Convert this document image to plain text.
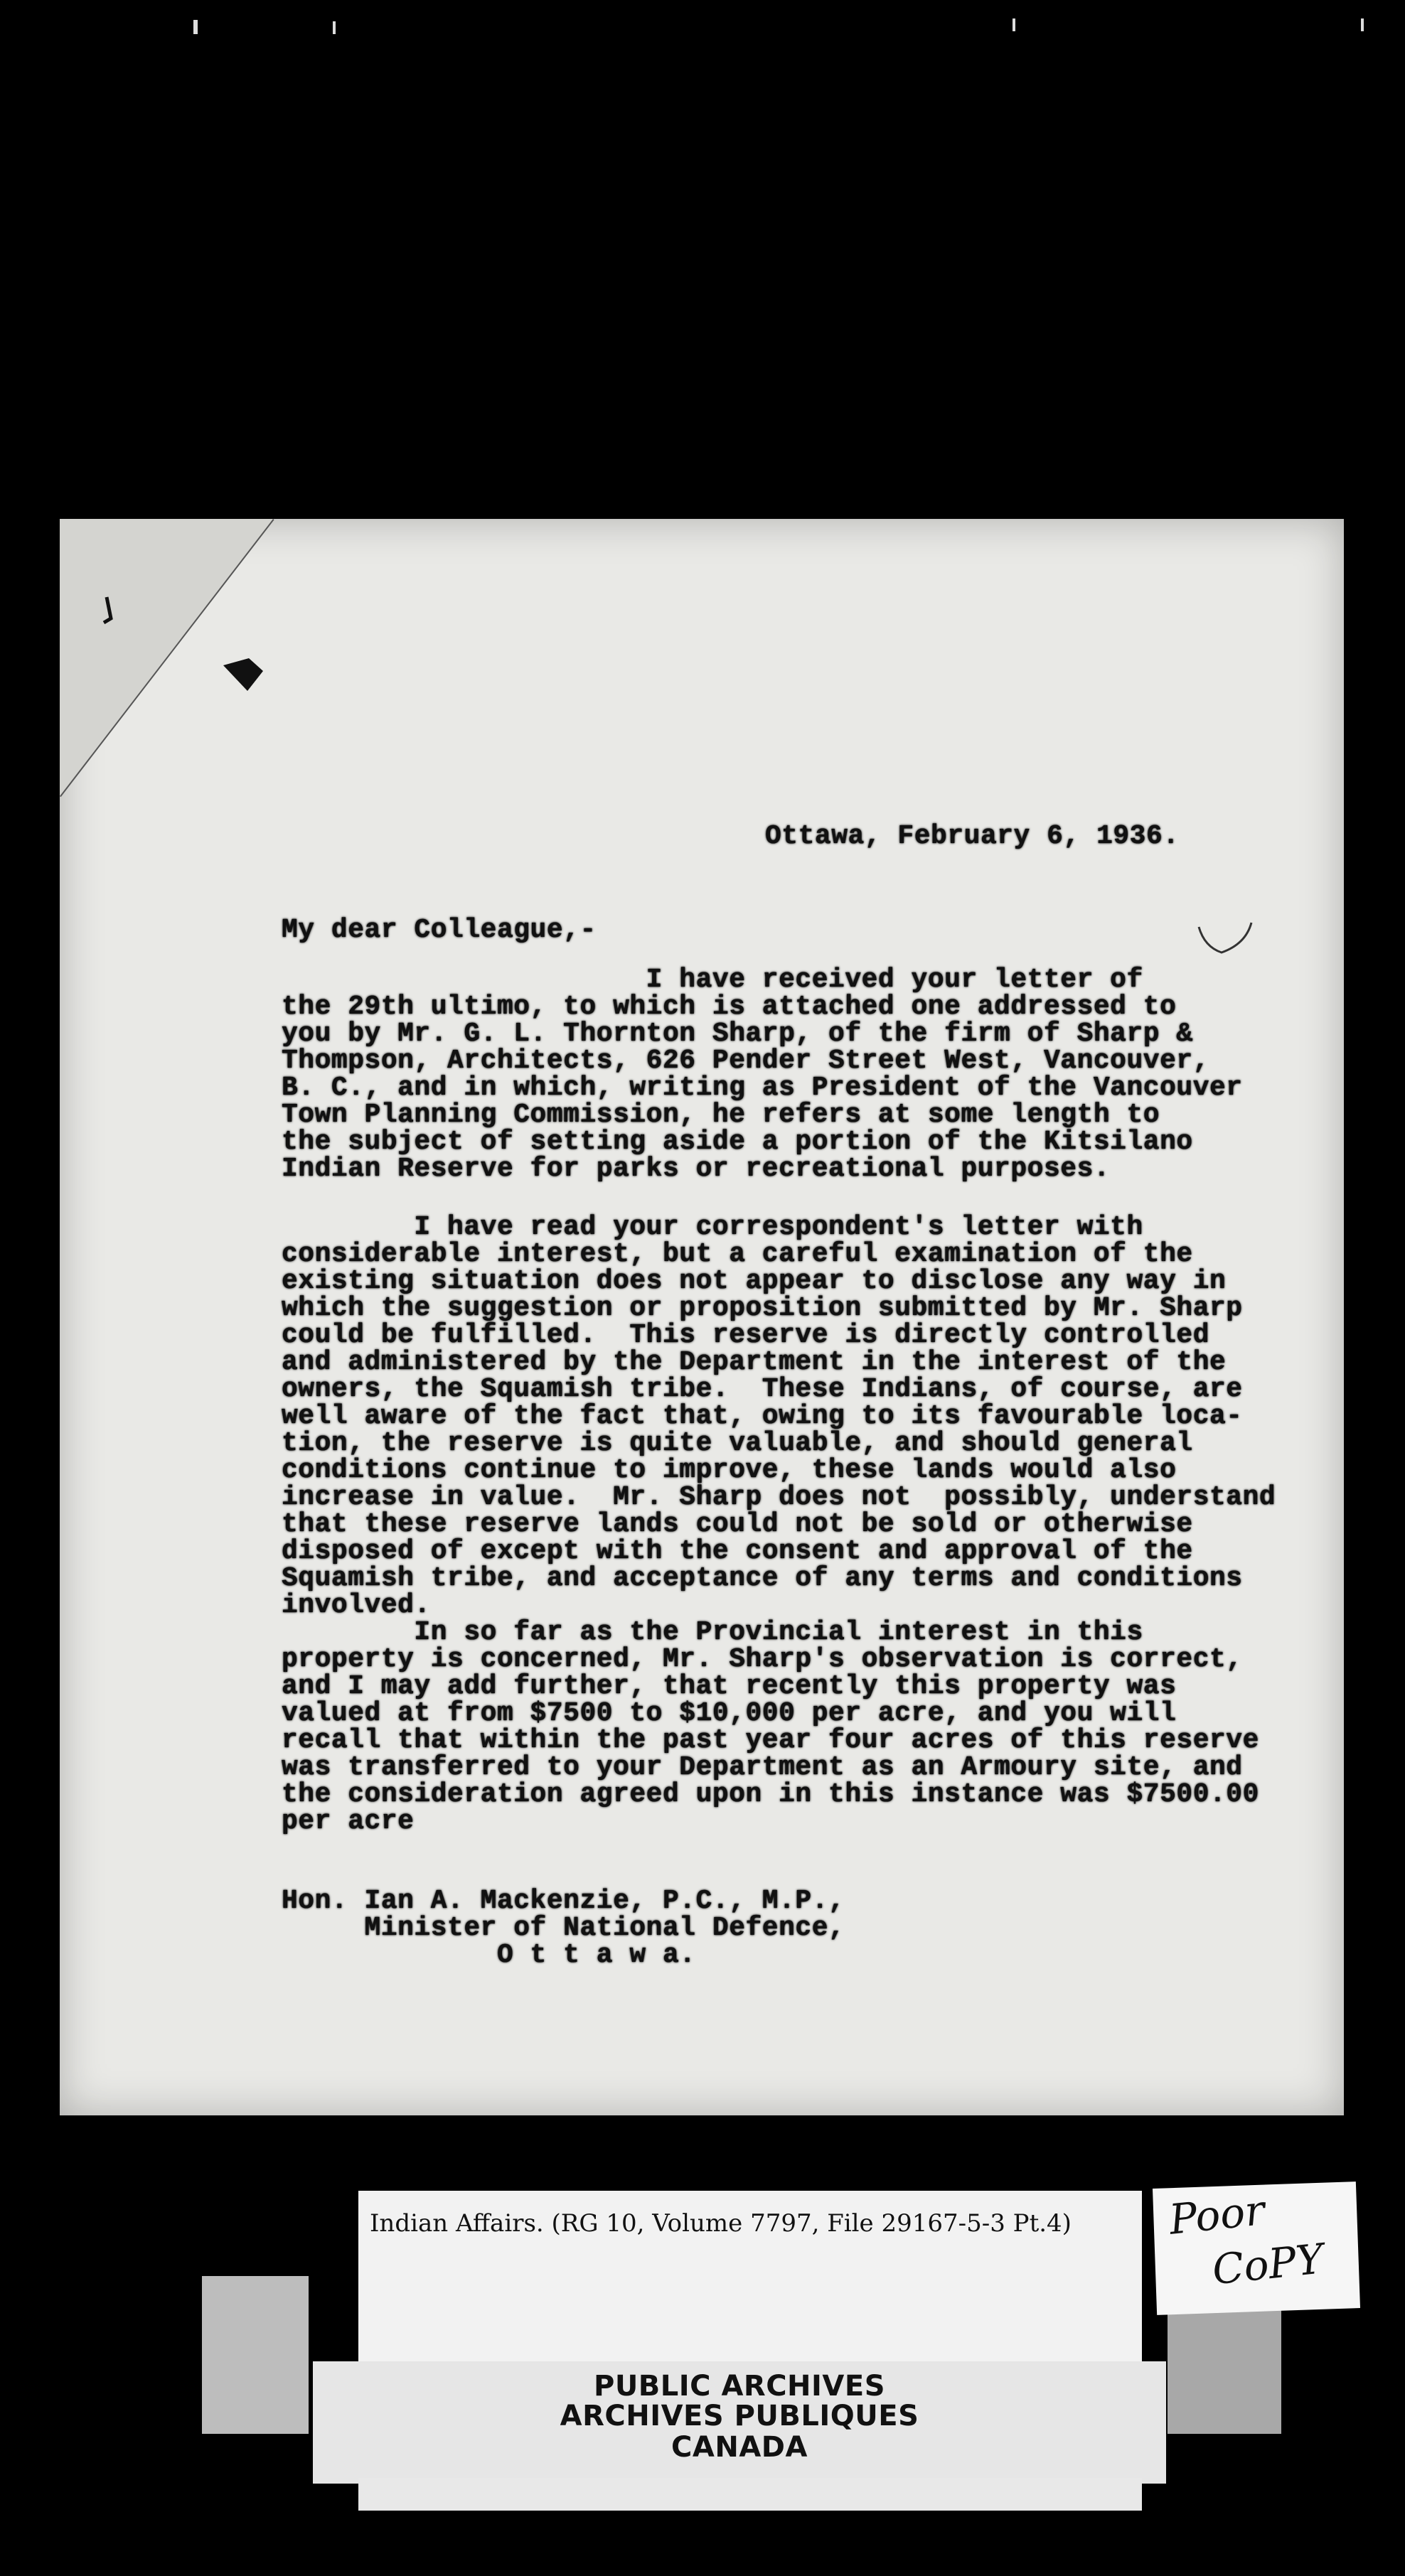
Ottawa, February 6, 1936.
My dear Colleague,-
I have received your letter of
the 29th ultimo, to which is attached one addressed to
you by Mr. G. L. Thornton Sharp, of the firm of Sharp &
Thompson, Architects, 626 Pender Street West, Vancouver,
B. C., and in which, writing as President of the Vancouver
Town Planning Commission, he refers at some length to
the subject of setting aside a portion of the Kitsilano
Indian Reserve for parks or recreational purposes.
I have read your correspondent's letter with
considerable interest, but a careful examination of the
existing situation does not appear to disclose any way in
which the suggestion or proposition submitted by Mr. Sharp
could be fulfilled.  This reserve is directly controlled
and administered by the Department in the interest of the
owners, the Squamish tribe.  These Indians, of course, are
well aware of the fact that, owing to its favourable loca-
tion, the reserve is quite valuable, and should general
conditions continue to improve, these lands would also
increase in value.  Mr. Sharp does not  possibly, understand
that these reserve lands could not be sold or otherwise
disposed of except with the consent and approval of the
Squamish tribe, and acceptance of any terms and conditions
involved.
In so far as the Provincial interest in this
property is concerned, Mr. Sharp's observation is correct,
and I may add further, that recently this property was
valued at from $7500 to $10,000 per acre, and you will
recall that within the past year four acres of this reserve
was transferred to your Department as an Armoury site, and
the consideration agreed upon in this instance was $7500.00
per acre
Hon. Ian A. Mackenzie, P.C., M.P.,
Minister of National Defence,
O t t a w a.
Indian Affairs. (RG 10, Volume 7797, File 29167-5-3 Pt.4)
PUBLIC ARCHIVES
ARCHIVES PUBLIQUES
CANADA
Poor
CoPY
